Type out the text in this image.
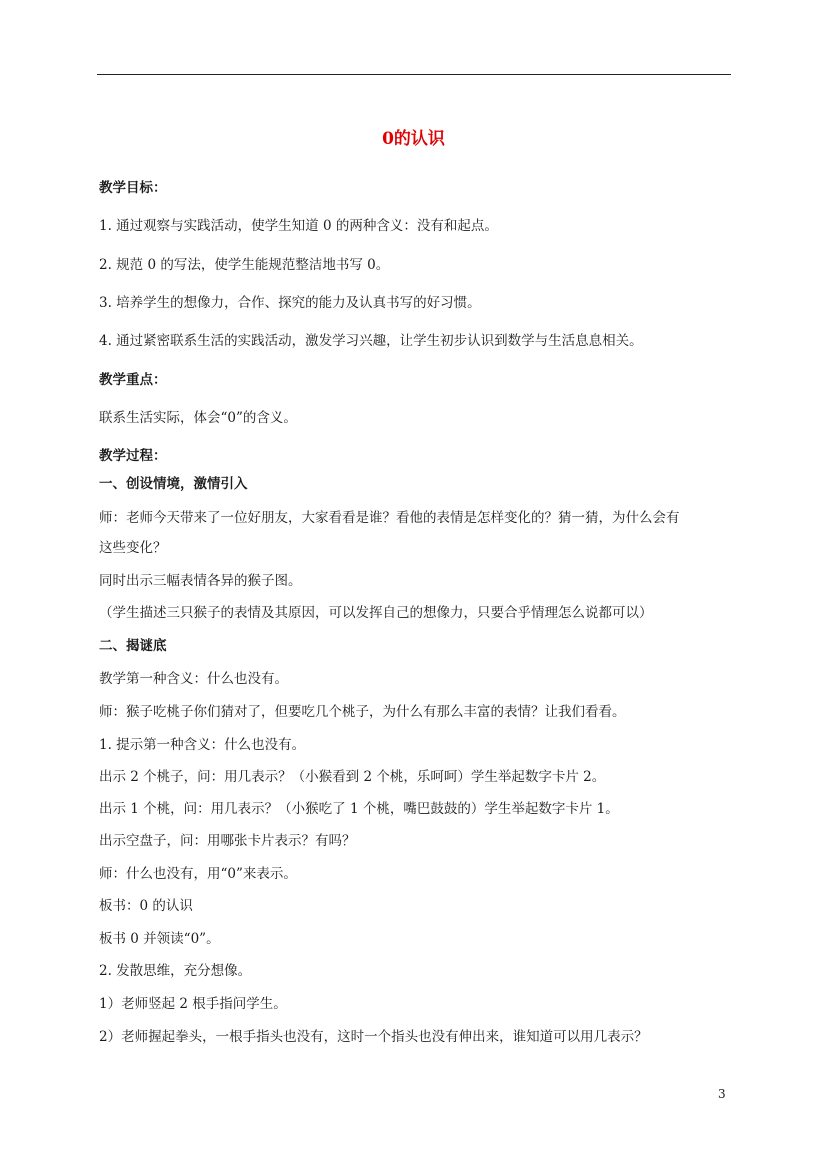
0的认识
教学目标：
1. 通过观察与实践活动，使学生知道 0 的两种含义：没有和起点。
2. 规范 0 的写法，使学生能规范整洁地书写 0。
3. 培养学生的想像力，合作、探究的能力及认真书写的好习惯。
4. 通过紧密联系生活的实践活动，激发学习兴趣，让学生初步认识到数学与生活息息相关。
教学重点：
联系生活实际，体会“0”的含义。
教学过程：
一、创设情境，激情引入
师：老师今天带来了一位好朋友，大家看看是谁？看他的表情是怎样变化的？猜一猜，为什么会有
这些变化？
同时出示三幅表情各异的猴子图。
（学生描述三只猴子的表情及其原因，可以发挥自己的想像力，只要合乎情理怎么说都可以）
二、揭谜底
教学第一种含义：什么也没有。
师：猴子吃桃子你们猜对了，但要吃几个桃子，为什么有那么丰富的表情？让我们看看。
1. 提示第一种含义：什么也没有。
出示 2 个桃子，问：用几表示？（小猴看到 2 个桃，乐呵呵）学生举起数字卡片 2。
出示 1 个桃，问：用几表示？（小猴吃了 1 个桃，嘴巴鼓鼓的）学生举起数字卡片 1。
出示空盘子，问：用哪张卡片表示？有吗？
师：什么也没有，用“0”来表示。
板书：0 的认识
板书 0 并领读“0”。
2. 发散思维，充分想像。
1）老师竖起 2 根手指问学生。
2）老师握起拳头，一根手指头也没有，这时一个指头也没有伸出来，谁知道可以用几表示？
3
